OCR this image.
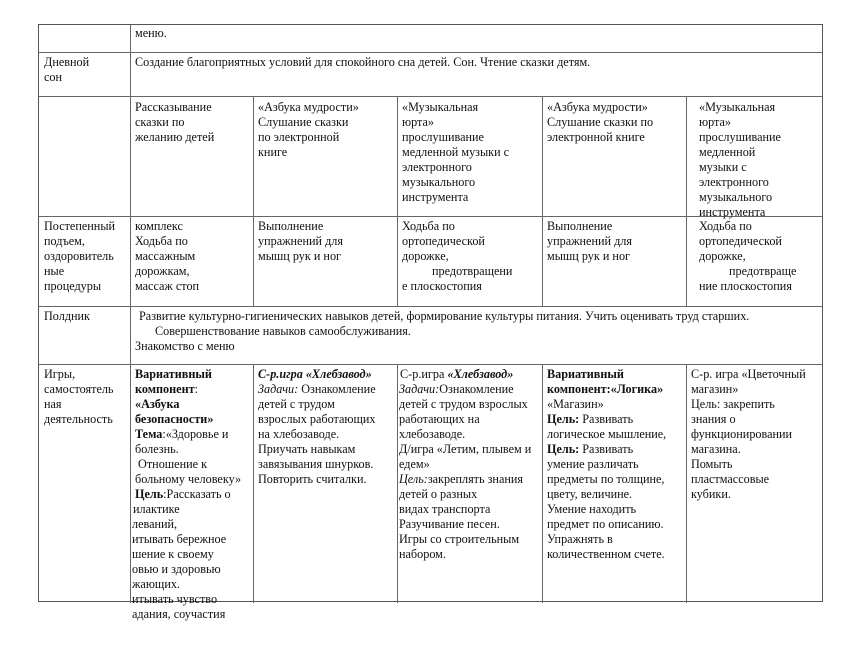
меню.
Дневной
сон
Создание благоприятных условий для спокойного сна детей. Сон. Чтение сказки детям.
Рассказывание
сказки по
желанию детей
«Азбука мудрости»
Слушание сказки
по электронной
книге
«Музыкальная
юрта»
прослушивание
медленной музыки с
электронного
музыкального
инструмента
«Азбука мудрости»
Слушание сказки по
электронной книге
«Музыкальная
юрта»
прослушивание
медленной
музыки с
электронного
музыкального
инструмента
Постепенный
подъем,
оздоровитель
ные
процедуры
комплекс
Ходьба по
массажным
дорожкам,
массаж стоп
Выполнение
упражнений для
мышц рук и ног
Ходьба по
ортопедической
дорожке,
предотвращени
е плоскостопия
Выполнение
упражнений для
мышц рук и ног
Ходьба по
ортопедической
дорожке,
предотвраще
ние плоскостопия
Полдник	Развитие культурно-гигиенических навыков детей, формирование культуры питания. Учить оценивать труд старших.
Совершенствование навыков самообслуживания.
Знакомство с меню
Игры,
самостоятель
ная
деятельность
Вариативный
компонент:
«Азбука
безопасности»
Тема:«Здоровье и
болезнь.
Отношение к
больному человеку»
Цель:Рассказать о
илактике
леваний,
итывать бережное
шение к своему
овью и здоровью
жающих.
итывать чувство
адания, соучастия
С-р.игра «Хлебзавод»
Задачи: Ознакомление
детей с трудом
взрослых работающих
на хлебозаводе.
Приучать навыкам
завязывания шнурков.
Повторить считалки.
С-р.игра «Хлебзавод»
Задачи:Ознакомление
детей с трудом взрослых
работающих на
хлебозаводе.
Д/игра «Летим, плывем и
едем»
Цель:закреплять знания
детей о разных
видах транспорта
Разучивание песен.
Игры со строительным
набором.
Вариативный
компонент:«Логика»
«Магазин»
Цель: Развивать
логическое мышление,
Цель: Развивать
умение различать
предметы по толщине,
цвету, величине.
Умение находить
предмет по описанию.
Упражнять в
количественном счете.
С-р. игра «Цветочный
магазин»
Цель: закрепить
знания о
функционировании
магазина.
Помыть
пластмассовые
кубики.
